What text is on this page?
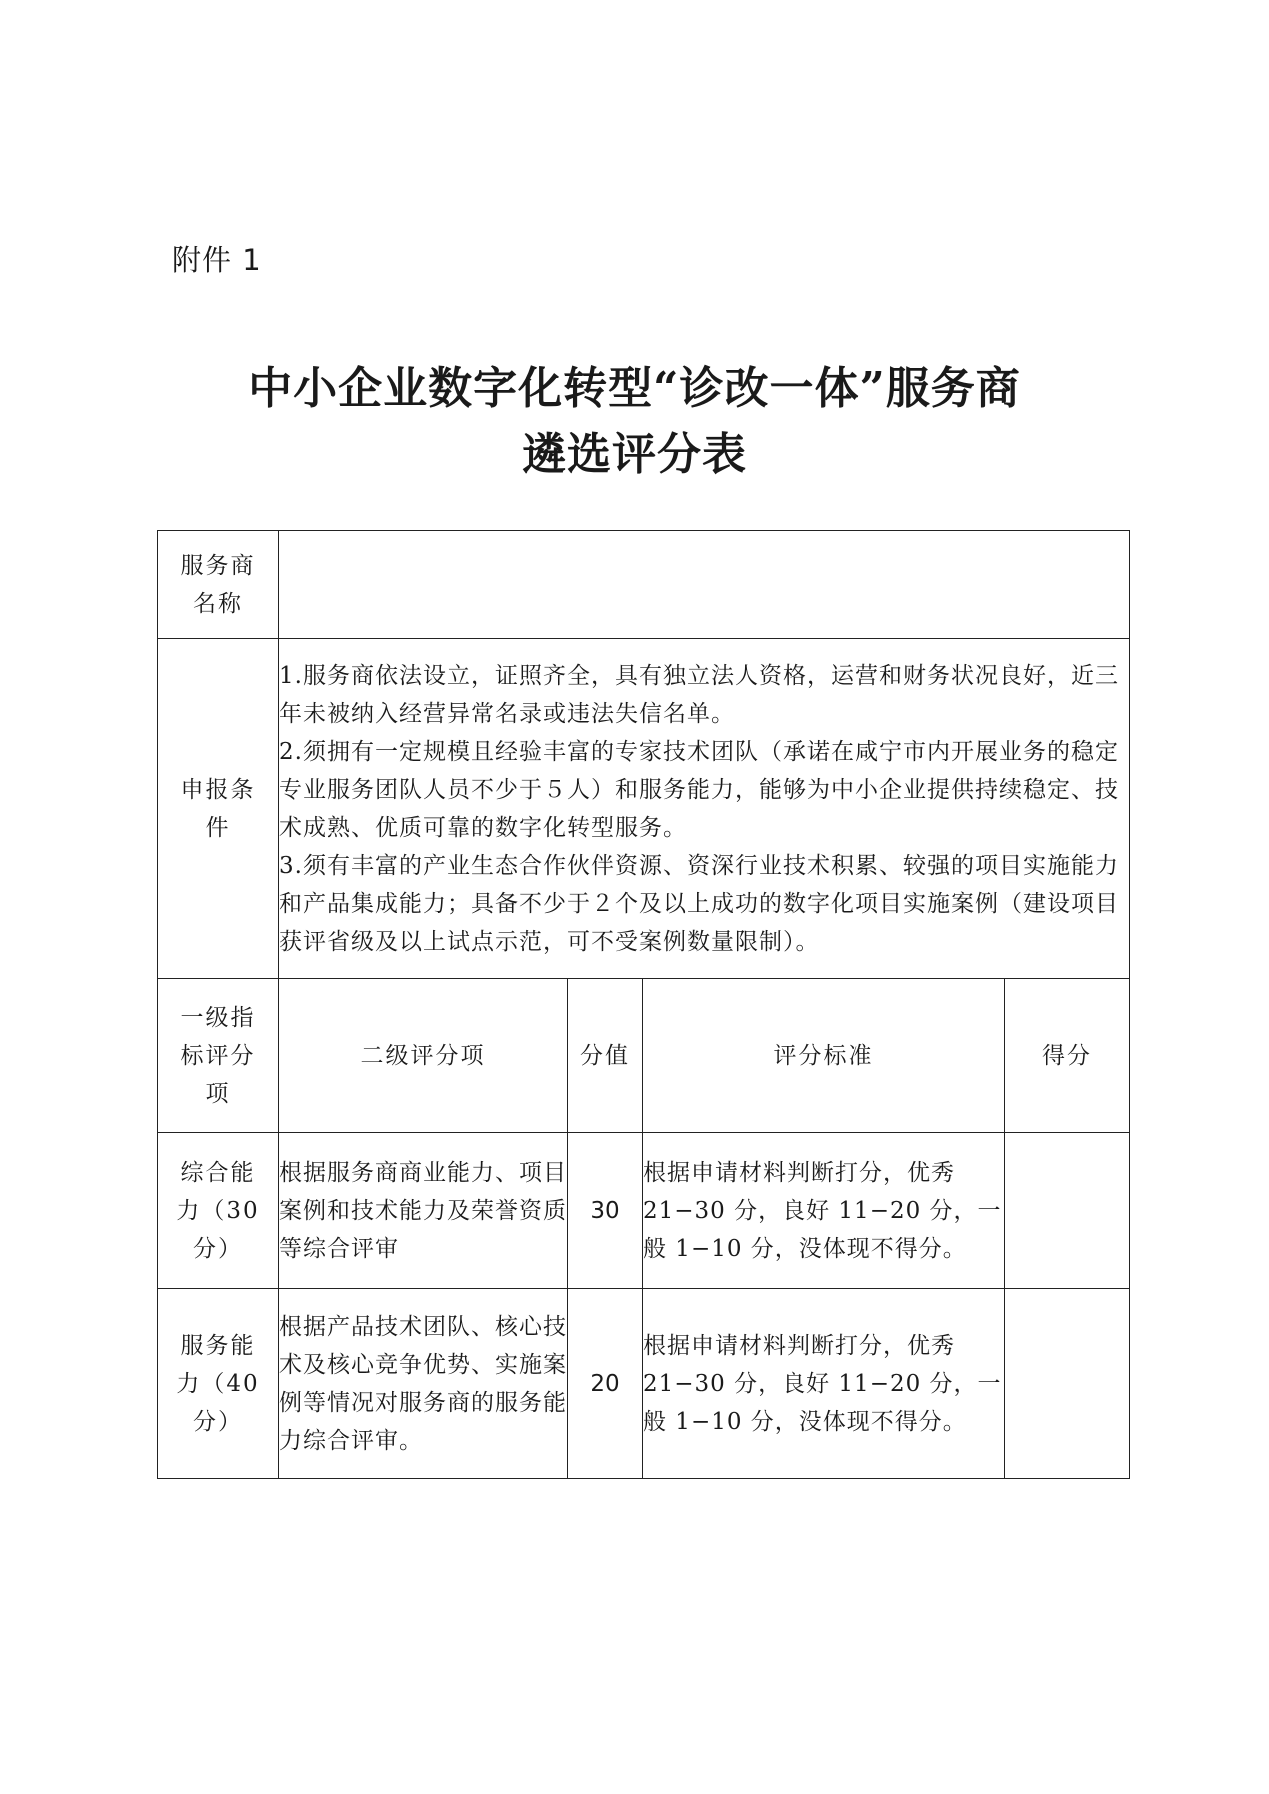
附件 1
中小企业数字化转型“诊改一体”服务商
遴选评分表
服务商名称				
申报条件	1.服务商依法设立，证照齐全，具有独立法人资格，运营和财务状况良好，近三年未被纳入经营异常名录或违法失信名单。

2.须拥有一定规模且经验丰富的专家技术团队（承诺在咸宁市内开展业务的稳定专业服务团队人员不少于５人）和服务能力，能够为中小企业提供持续稳定、技术成熟、优质可靠的数字化转型服务。

3.须有丰富的产业生态合作伙伴资源、资深行业技术积累、较强的项目实施能力和产品集成能力；具备不少于２个及以上成功的数字化项目实施案例（建设项目获评省级及以上试点示范，可不受案例数量限制）。			

一级指标评分项	二级评分项	分值	评分标准	得分
综合能力（30分）	根据服务商商业能力、项目案例和技术能力及荣誉资质等综合评审	30	根据申请材料判断打分，优秀21−30 分，良好 11−20 分，一般 1−10 分，没体现不得分。	
服务能力（40分）	根据产品技术团队、核心技术及核心竞争优势、实施案例等情况对服务商的服务能力综合评审。	20	根据申请材料判断打分，优秀21−30 分，良好 11−20 分，一般 1−10 分，没体现不得分。	
